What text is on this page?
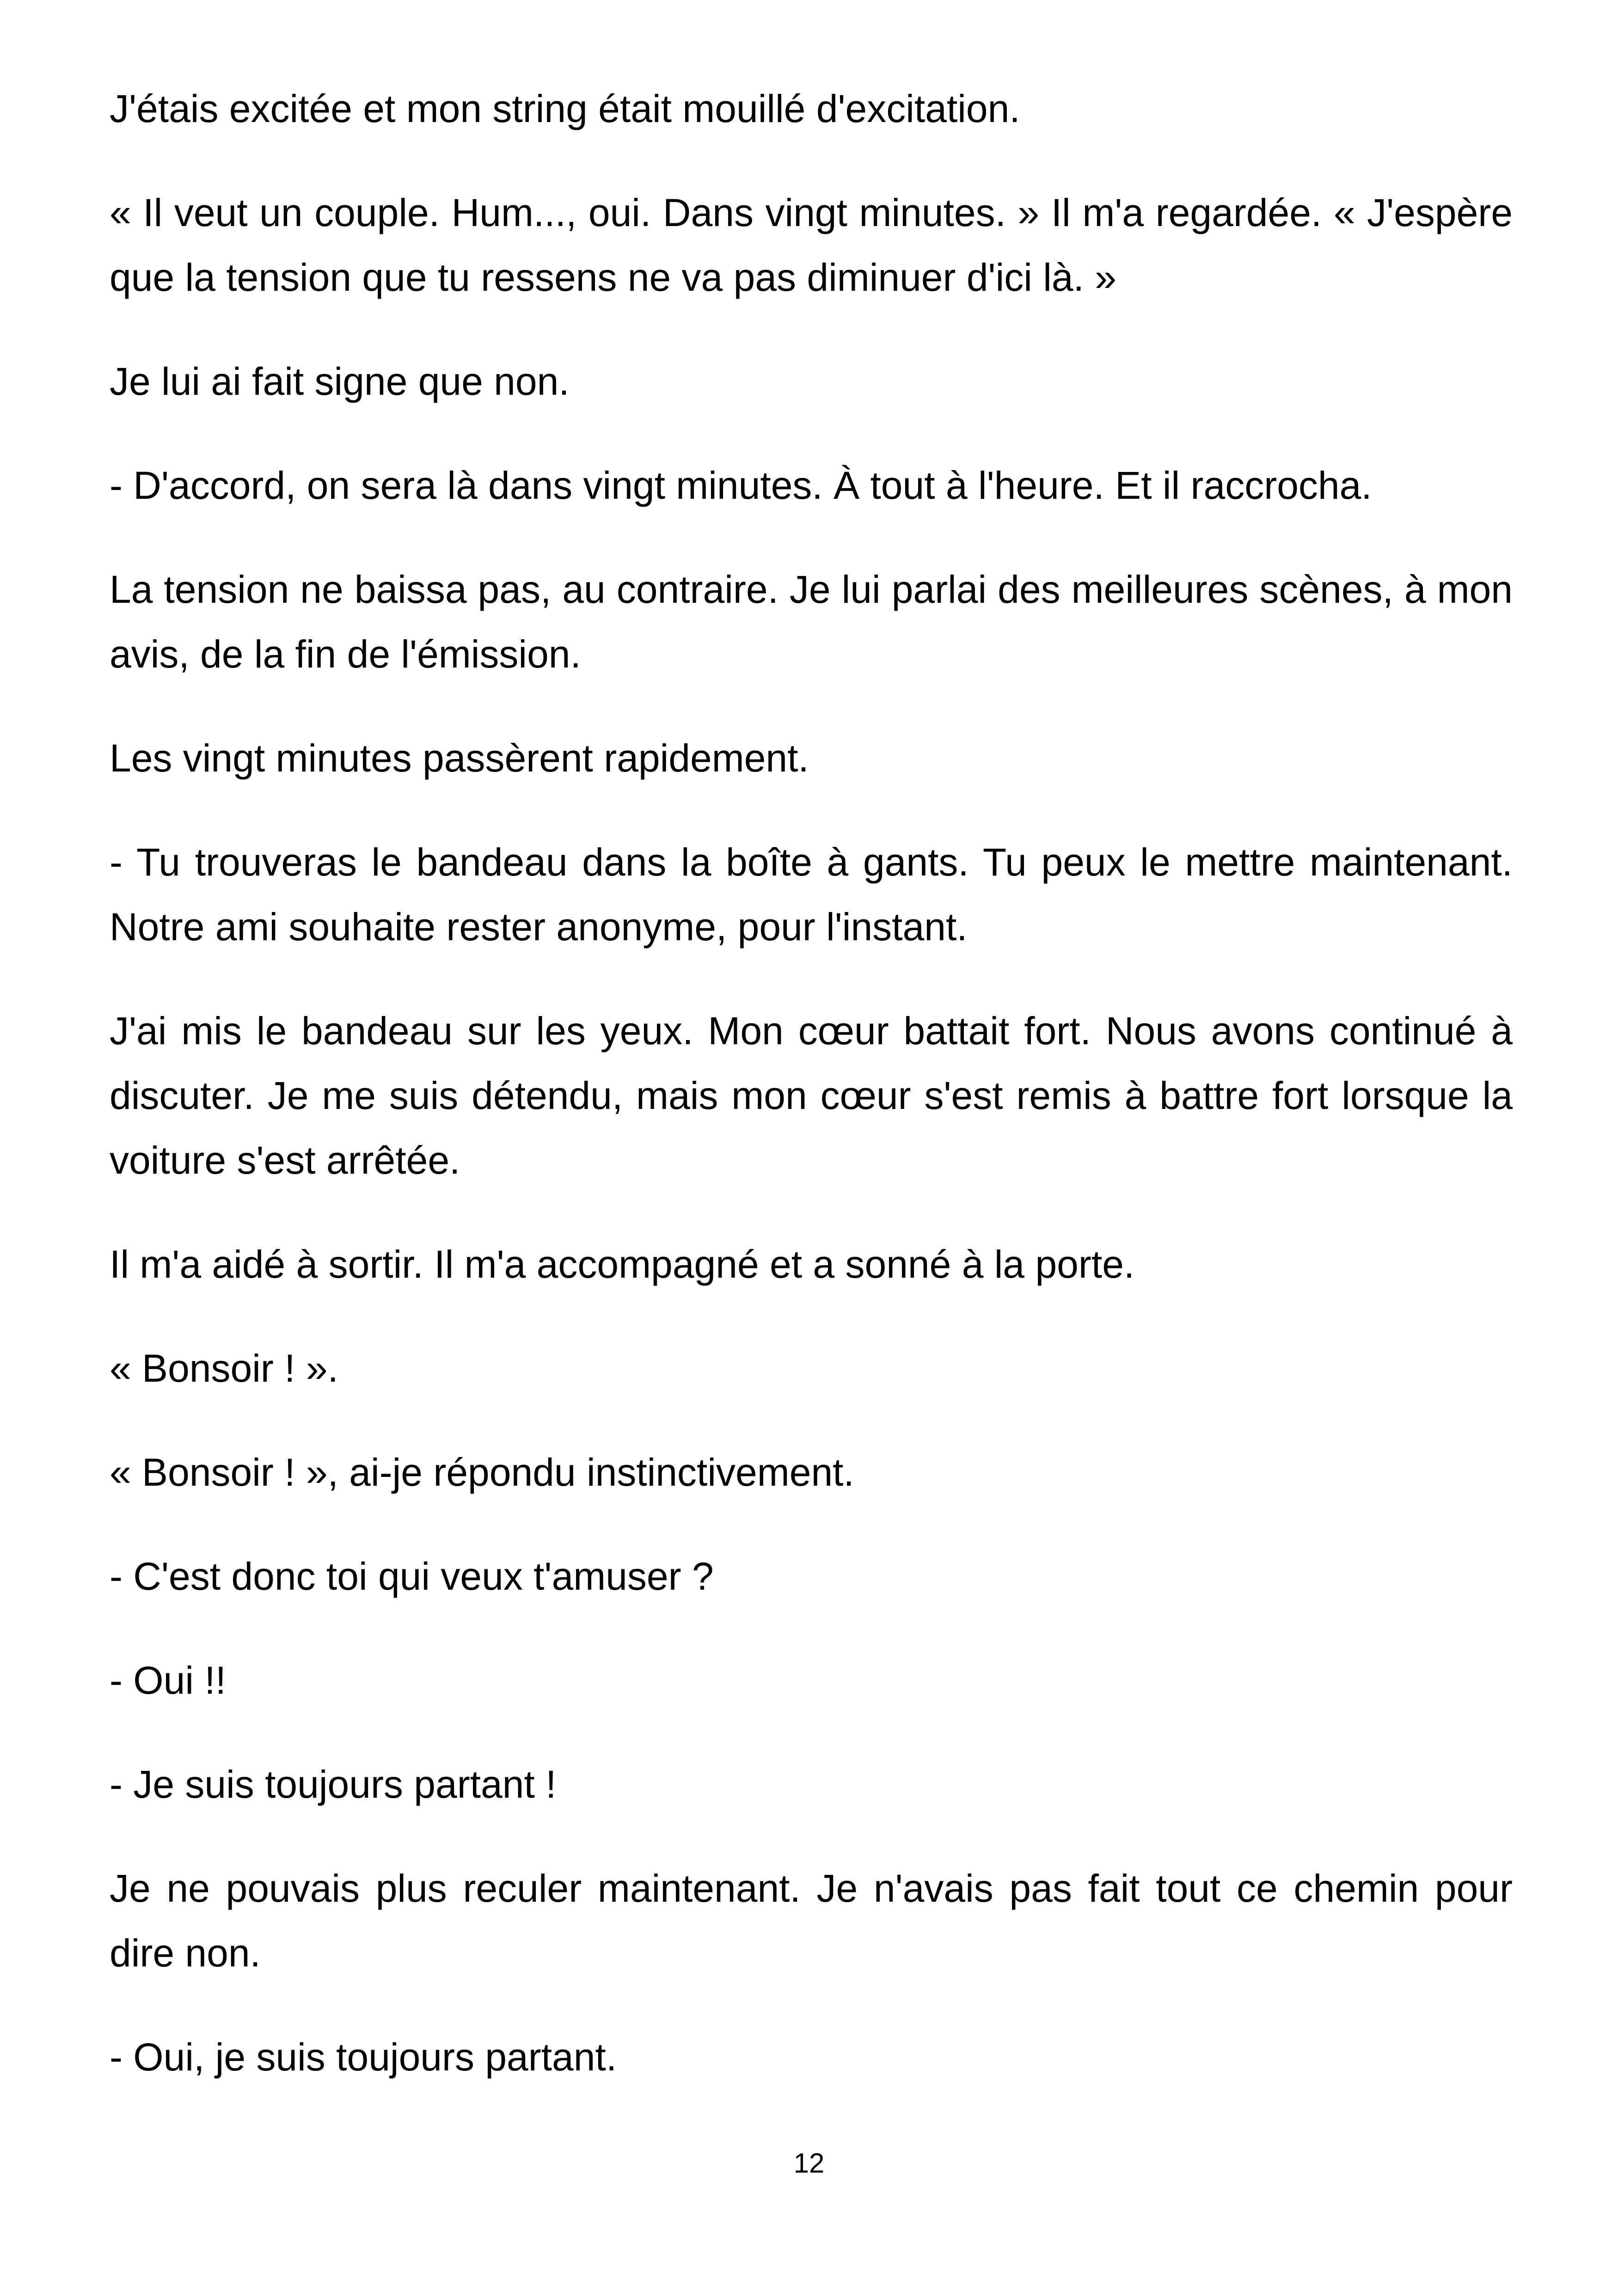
J'étais excitée et mon string était mouillé d'excitation.

« Il veut un couple. Hum..., oui. Dans vingt minutes. » Il m'a regardée. « J'espère que la tension que tu ressens ne va pas diminuer d'ici là. »

Je lui ai fait signe que non.

- D'accord, on sera là dans vingt minutes. À tout à l'heure. Et il raccrocha.

La tension ne baissa pas, au contraire. Je lui parlai des meilleures scènes, à mon avis, de la fin de l'émission.

Les vingt minutes passèrent rapidement.

- Tu trouveras le bandeau dans la boîte à gants. Tu peux le mettre maintenant. Notre ami souhaite rester anonyme, pour l'instant.

J'ai mis le bandeau sur les yeux. Mon cœur battait fort. Nous avons continué à discuter. Je me suis détendu, mais mon cœur s'est remis à battre fort lorsque la voiture s'est arrêtée.

Il m'a aidé à sortir. Il m'a accompagné et a sonné à la porte.

« Bonsoir ! ».

« Bonsoir ! », ai-je répondu instinctivement.

- C'est donc toi qui veux t'amuser ?

- Oui !!

- Je suis toujours partant !

Je ne pouvais plus reculer maintenant. Je n'avais pas fait tout ce chemin pour dire non.

- Oui, je suis toujours partant.

12
